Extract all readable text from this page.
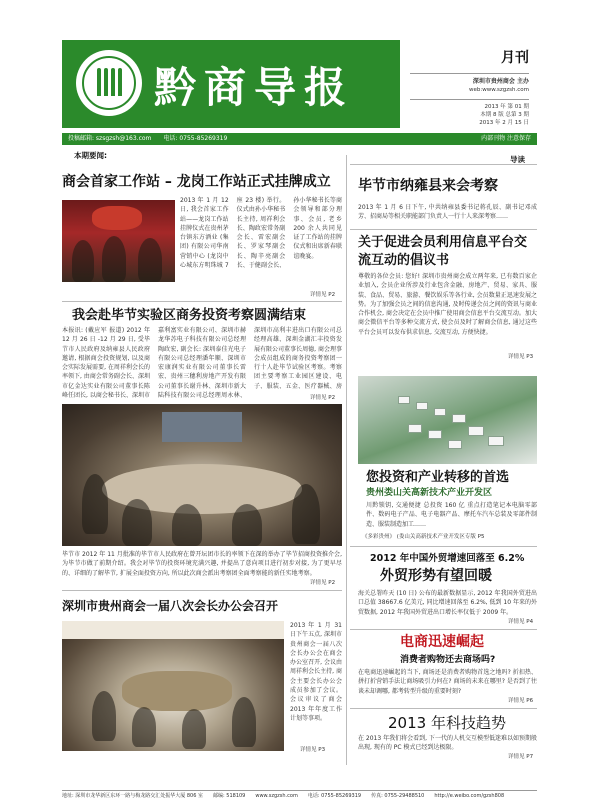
黔商导报
月刊
深圳市贵州商会 主办
web:www.szgzsh.com
2013 年 第 01 期
本期 8 版 总第 3 期
2013 年 2 月 15 日
投稿邮箱: szsgzsh@163.com 电话: 0755-85269319	内部刊物 注意保存
本期要闻:	导读
商会首家工作站 – 龙岗工作站正式挂牌成立
2013 年 1 月 12 日, 我会首家工作站——龙岗工作站挂牌仪式在贵州茅台镇东方酒业 (集团) 有限公司华南营销中心 (龙岗中心城东方明珠城 7 座 23 楼) 举行。仪式由孙小华秘书长主持, 周祥利会长、陶政宏常务副会长、雷宏副会长、罗家琴副会长、陶辛亮副会长、于健副会长、孙小华秘书长等商会领导和部分理事、会员, 老乡 200 余人共同见证了工作站的挂牌仪式和出席新春联谊晚宴。
详情见 P2
我会赴毕节实验区商务投资考察圆满结束
本报讯: (戴应军 报道) 2012 年 12 月 26 日 -12 月 29 日, 受毕节市人民政府及纳雍县人民政府邀请, 根据商会投资规划, 以及商会实际发展需要, 在周祥利会长的率领下, 由商会常务副会长、深圳市亿金达实业有限公司董事长陈峰任团长, 以商会秘书长、深圳市嘉利富实业有限公司、深圳市赫龙华苏电子科技有限公司总经理陶政宏, 副会长: 深圳泰佳光电子有限公司总经理潘年顺、深圳市宏康润实业有限公司董事长雷宏、贵州三穗利房地产开发有限公司董事长谢升林、深圳市新大陆科技有限公司总经理周永林、深圳市高利丰进出口有限公司总经理高雄、深圳金湖汇丰投资发展有限公司董事长周德, 商会理事会成员组成的商务投资考察团一行十人赴毕节试验区考察。考察团主要考察工业园区建设、电子、服装、五金、医疗器械、房
详情见 P2
毕节市 2012 年 11 月批准的毕节市人民政府在曾开坛团市长的率领下在深的举办了毕节招商投资推介会, 为毕节市做了前期介绍。我会对毕节的投资环境充满兴趣, 并提出了意向项目进行初步对接, 为了更早尽的、详细的了解毕节, 扩展全面投资方向, 所以此次商会派出考察团全面考察能的新任实地考察。
详情见 P2
深圳市贵州商会一届八次会长办公会召开
2013 年 1 月 31 日下午五点, 深圳市贵州商会一届八次会长办公会在商会办公室召开, 会议由周祥利会长主持, 商会主要会长办公会成员参加了会议。会议审议了商会 2013 年年度工作计划等事项。
详情见 P3
毕节市纳雍县来会考察
2013 年 1 月 6 日下午, 中共纳雍县委书记蒋孔辰、副书记邓成芳、招商局等相关职能部门负责人一行十人来深考察……
关于促进会员利用信息平台交流互动的倡议书
尊敬的各位会员: 您好! 深圳市贵州商会成立两年来, 已有数百家企业加入, 会员企业所涉及行业包含金融、房地产、贸易、家具、服装、食品、贸易、旅游、餐饮娱乐等各行业, 会员数量正迅速发展之势。为了加强会员之间的信息沟通, 及时传递会员之间的资讯与商业合作机会, 商会决定在会员中推广使用商会信息平台交流互动。加大商会微信平台等多种交流方式, 使会员及时了解商会信息, 通过这些平台会员可以发布供求信息, 交流互动, 方便快捷。
详情见 P3
您投资和产业转移的首选
贵州娄山关高新技术产业开发区
川黔锁钥, 交通便捷 总投资 160 亿 重点打造笔记本电脑零部件、数码电子产品、电子电器产品、摩托车汽车总装及零部件制造、服装制造加工……
《多彩贵州》 (娄山关高新技术产业开发区专版 P5
2012 年中国外贸增速回落至 6.2%
外贸形势有望回暖
海关总署昨天 (10 日) 公布的最新数据显示, 2012 年我国外贸进出口总值 38667.6 亿美元, 同比增速回落至 6.2%, 低到 10 年来的外贸数据, 2012 年我国外贸进出口增长率仅低于 2009 年。
详情见 P4
电商迅速崛起
消费者购物还去商场吗?
在电商迅速崛起的当下, 商场还是消费者购物首选之地吗? 折扣热、拼打折营销手法让商场吸引力何在? 商场的未来在哪里? 是否到了往谈未却调哪, 都考转型升级的重要时刻?
详情见 P6
2013 年科技趋势
在 2013 年我们将会看到, 下一代的人机交互模型低迷难以如预期般出现, 现有的 PC 模式已经到达极限。
详情见 P7
地址: 深圳市龙华新区东环一路与梅龙路交汇处振华大厦 806 室 邮编: 518109 www.szgzsh.com 电话: 0755-85269319 传真: 0755-29488510 http://e.weibo.com/gzsh808
